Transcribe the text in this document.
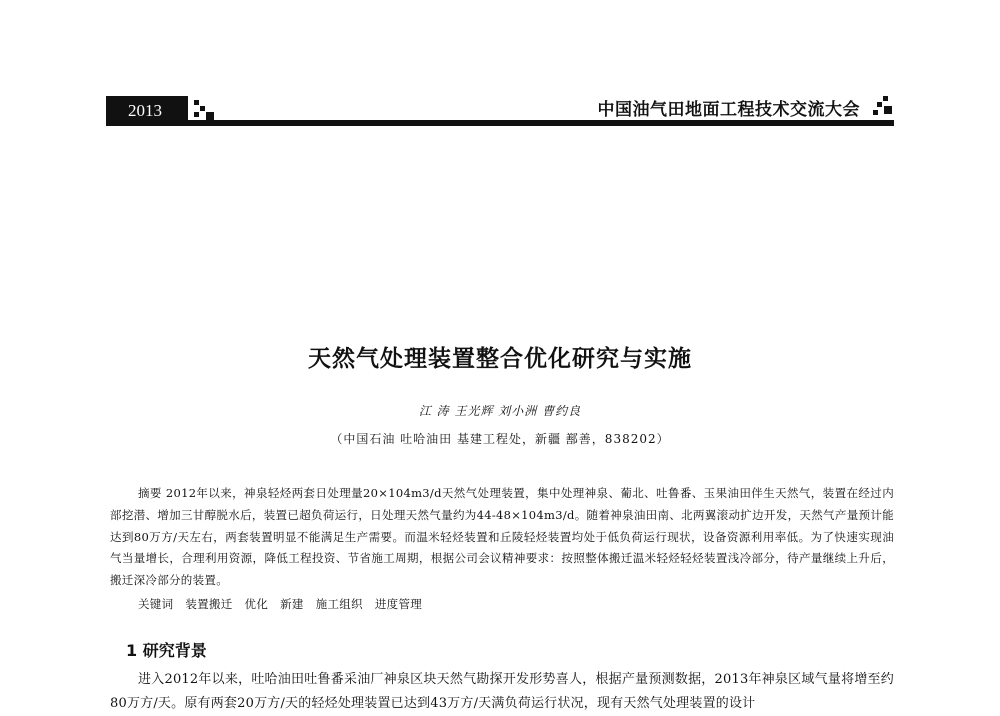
2013	中国油气田地面工程技术交流大会
天然气处理装置整合优化研究与实施
江 涛 王光辉 刘小洲 曹约良
（中国石油 吐哈油田 基建工程处，新疆 鄯善，838202）
摘要 2012年以来，神泉轻烃两套日处理量20×104m3/d天然气处理装置，集中处理神泉、葡北、吐鲁番、玉果油田伴生天然气，装置在经过内部挖潜、增加三甘醇脱水后，装置已超负荷运行，日处理天然气量约为44-48×104m3/d。随着神泉油田南、北两翼滚动扩边开发，天然气产量预计能达到80万方/天左右，两套装置明显不能满足生产需要。而温米轻烃装置和丘陵轻烃装置均处于低负荷运行现状，设备资源利用率低。为了快速实现油气当量增长，合理利用资源，降低工程投资、节省施工周期，根据公司会议精神要求：按照整体搬迁温米轻烃轻烃装置浅冷部分，待产量继续上升后，搬迁深冷部分的装置。
关键词 装置搬迁 优化 新建 施工组织 进度管理
1 研究背景
进入2012年以来，吐哈油田吐鲁番采油厂神泉区块天然气勘探开发形势喜人，根据产量预测数据，2013年神泉区域气量将增至约80万方/天。原有两套20万方/天的轻烃处理装置已达到43万方/天满负荷运行状况，现有天然气处理装置的设计
